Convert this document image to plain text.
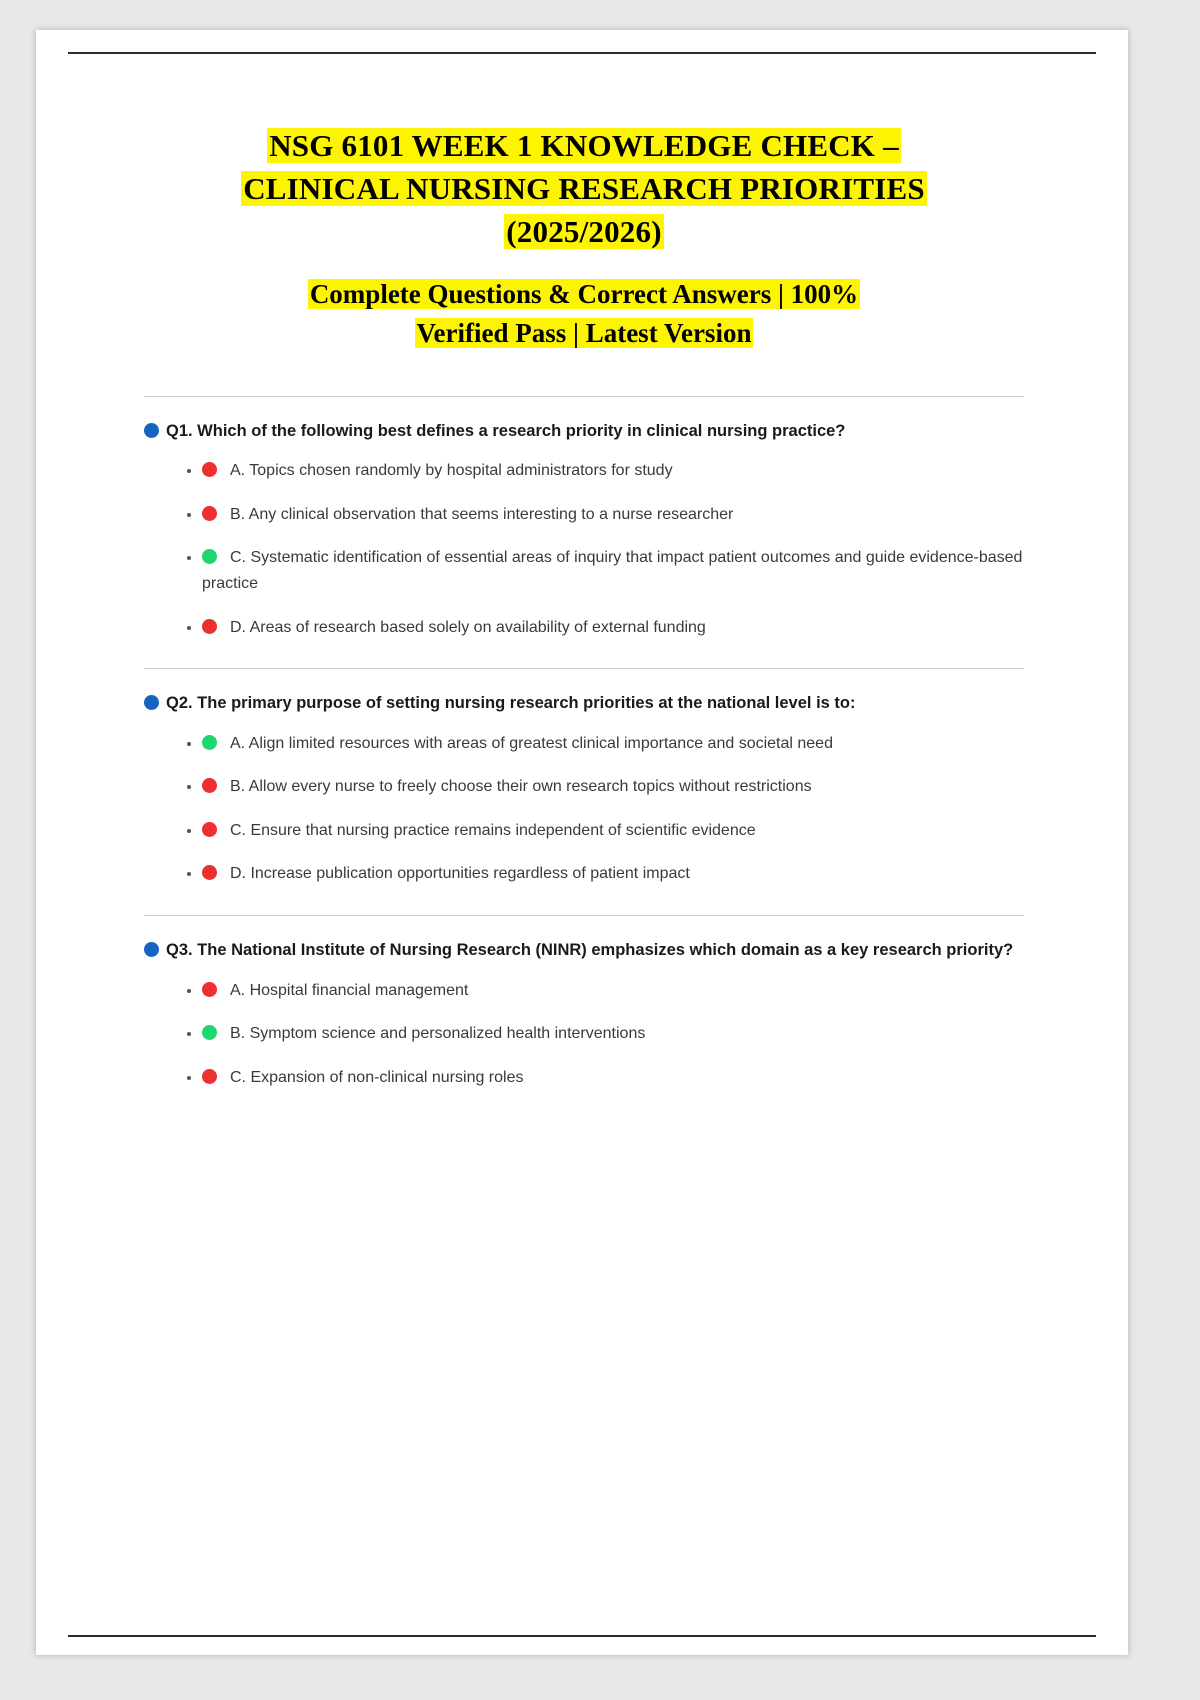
NSG 6101 WEEK 1 KNOWLEDGE CHECK –
CLINICAL NURSING RESEARCH PRIORITIES
(2025/2026)
Complete Questions & Correct Answers | 100%
Verified Pass | Latest Version
Q1. Which of the following best defines a research priority in clinical nursing practice?
• A. Topics chosen randomly by hospital administrators for study
• B. Any clinical observation that seems interesting to a nurse researcher
• C. Systematic identification of essential areas of inquiry that impact patient outcomes and guide evidence-based practice
• D. Areas of research based solely on availability of external funding
Q2. The primary purpose of setting nursing research priorities at the national level is to:
• A. Align limited resources with areas of greatest clinical importance and societal need
• B. Allow every nurse to freely choose their own research topics without restrictions
• C. Ensure that nursing practice remains independent of scientific evidence
• D. Increase publication opportunities regardless of patient impact
Q3. The National Institute of Nursing Research (NINR) emphasizes which domain as a key research priority?
• A. Hospital financial management
• B. Symptom science and personalized health interventions
• C. Expansion of non-clinical nursing roles
